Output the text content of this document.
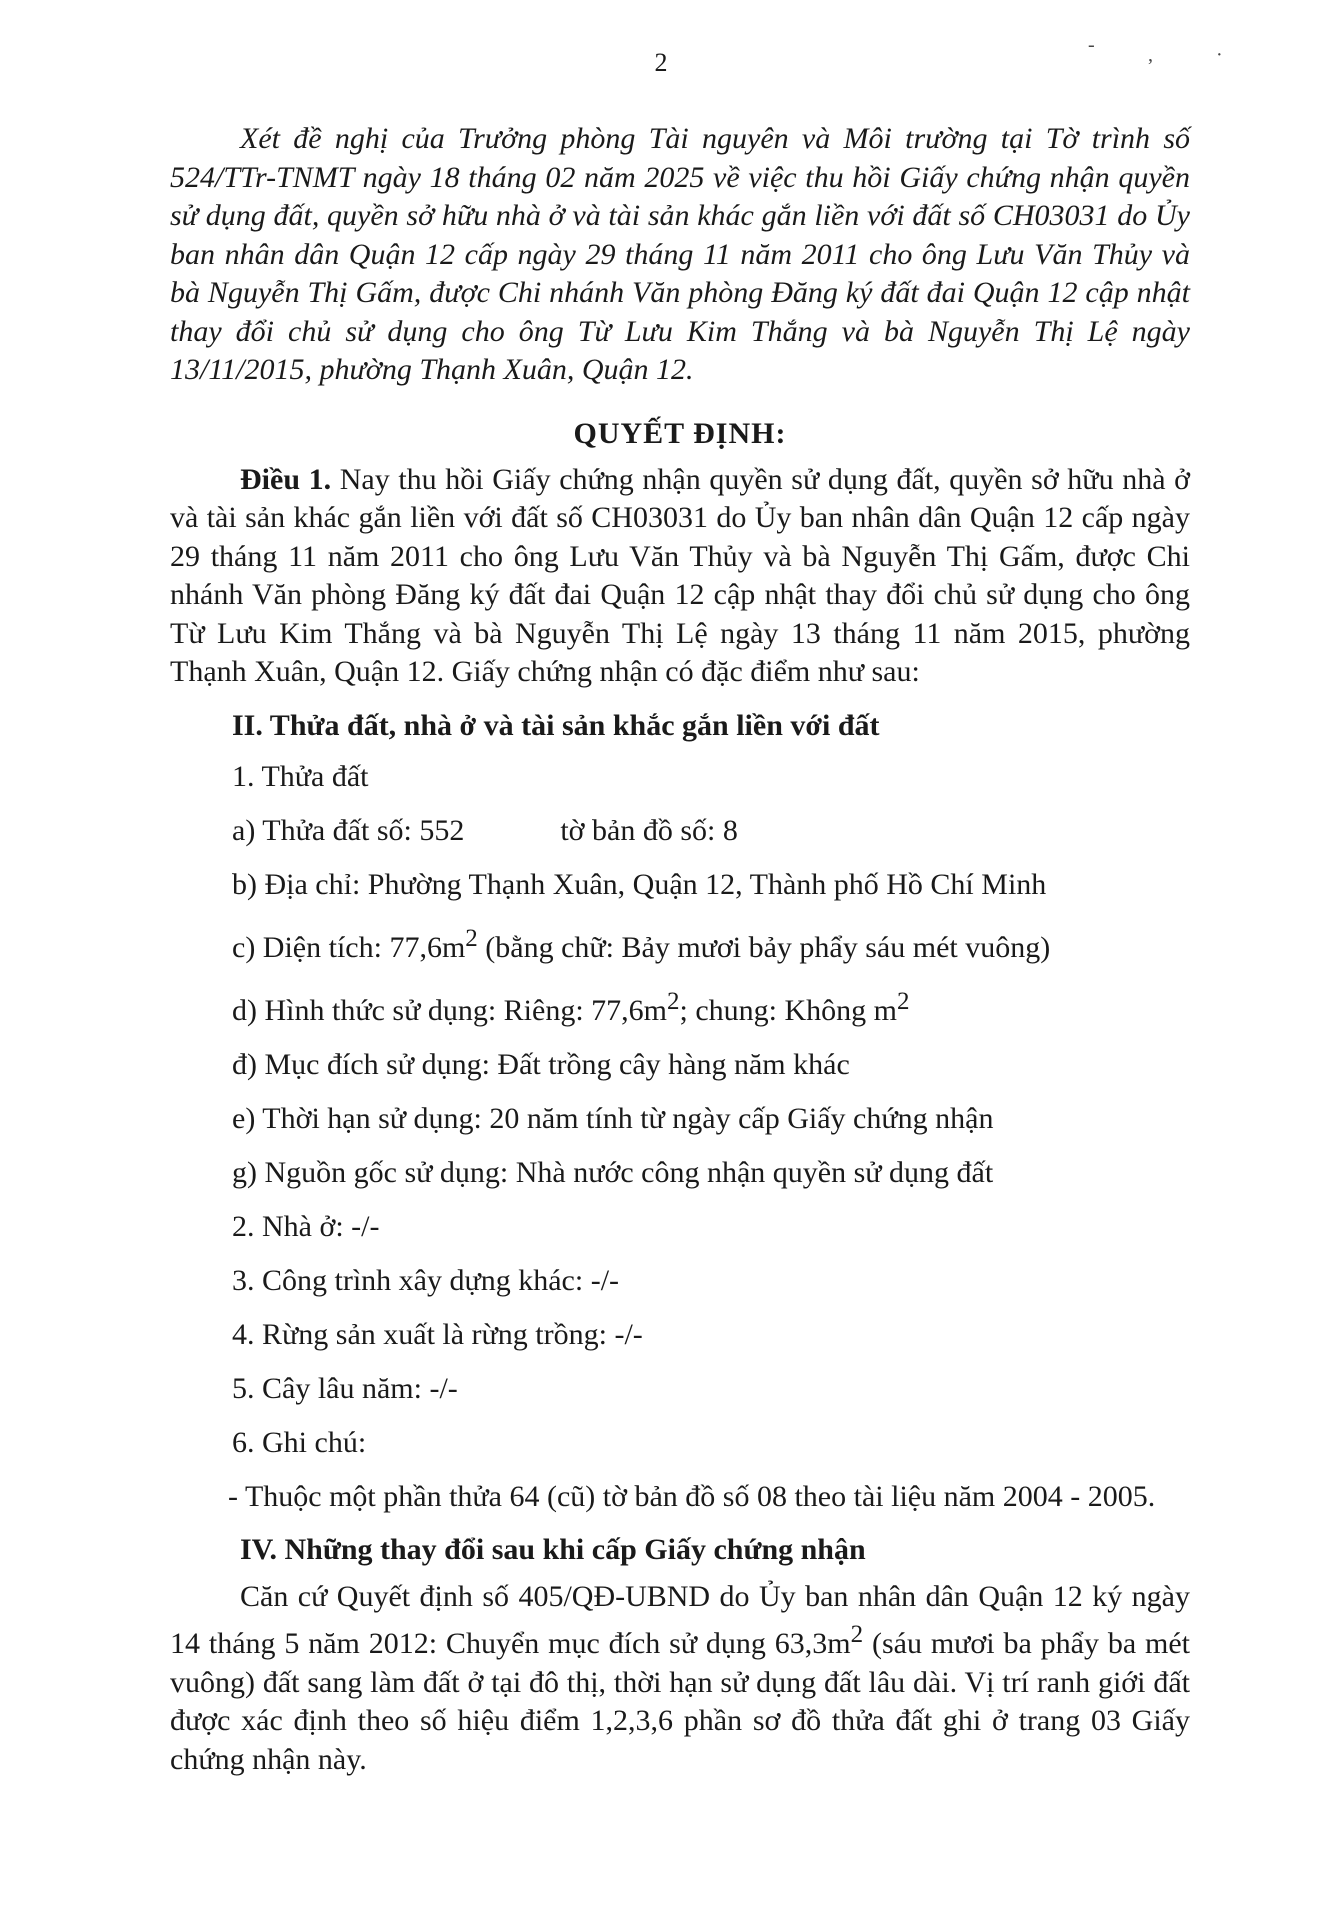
2
-	,	·

Xét đề nghị của Trưởng phòng Tài nguyên và Môi trường tại Tờ trình số 524/TTr-TNMT ngày 18 tháng 02 năm 2025 về việc thu hồi Giấy chứng nhận quyền sử dụng đất, quyền sở hữu nhà ở và tài sản khác gắn liền với đất số CH03031 do Ủy ban nhân dân Quận 12 cấp ngày 29 tháng 11 năm 2011 cho ông Lưu Văn Thủy và bà Nguyễn Thị Gấm, được Chi nhánh Văn phòng Đăng ký đất đai Quận 12 cập nhật thay đổi chủ sử dụng cho ông Từ Lưu Kim Thắng và bà Nguyễn Thị Lệ ngày 13/11/2015, phường Thạnh Xuân, Quận 12.

QUYẾT ĐỊNH:

Điều 1. Nay thu hồi Giấy chứng nhận quyền sử dụng đất, quyền sở hữu nhà ở và tài sản khác gắn liền với đất số CH03031 do Ủy ban nhân dân Quận 12 cấp ngày 29 tháng 11 năm 2011 cho ông Lưu Văn Thủy và bà Nguyễn Thị Gấm, được Chi nhánh Văn phòng Đăng ký đất đai Quận 12 cập nhật thay đổi chủ sử dụng cho ông Từ Lưu Kim Thắng và bà Nguyễn Thị Lệ ngày 13 tháng 11 năm 2015, phường Thạnh Xuân, Quận 12. Giấy chứng nhận có đặc điểm như sau:

II. Thửa đất, nhà ở và tài sản khắc gắn liền với đất
1. Thửa đất
a) Thửa đất số: 552	tờ bản đồ số: 8
b) Địa chỉ: Phường Thạnh Xuân, Quận 12, Thành phố Hồ Chí Minh
c) Diện tích: $77,6m^2$ (bằng chữ: Bảy mươi bảy phẩy sáu mét vuông)
d) Hình thức sử dụng: Riêng: $77,6m^2$; chung: Không $m^2$
đ) Mục đích sử dụng: Đất trồng cây hàng năm khác
e) Thời hạn sử dụng: 20 năm tính từ ngày cấp Giấy chứng nhận
g) Nguồn gốc sử dụng: Nhà nước công nhận quyền sử dụng đất
2. Nhà ở: -/-
3. Công trình xây dựng khác: -/-
4. Rừng sản xuất là rừng trồng: -/-
5. Cây lâu năm: -/-
6. Ghi chú:
- Thuộc một phần thửa 64 (cũ) tờ bản đồ số 08 theo tài liệu năm 2004 - 2005.
IV. Những thay đổi sau khi cấp Giấy chứng nhận

Căn cứ Quyết định số 405/QĐ-UBND do Ủy ban nhân dân Quận 12 ký ngày 14 tháng 5 năm 2012: Chuyển mục đích sử dụng $63,3m^2$ (sáu mươi ba phẩy ba mét vuông) đất sang làm đất ở tại đô thị, thời hạn sử dụng đất lâu dài. Vị trí ranh giới đất được xác định theo số hiệu điểm 1,2,3,6 phần sơ đồ thửa đất ghi ở trang 03 Giấy chứng nhận này.
